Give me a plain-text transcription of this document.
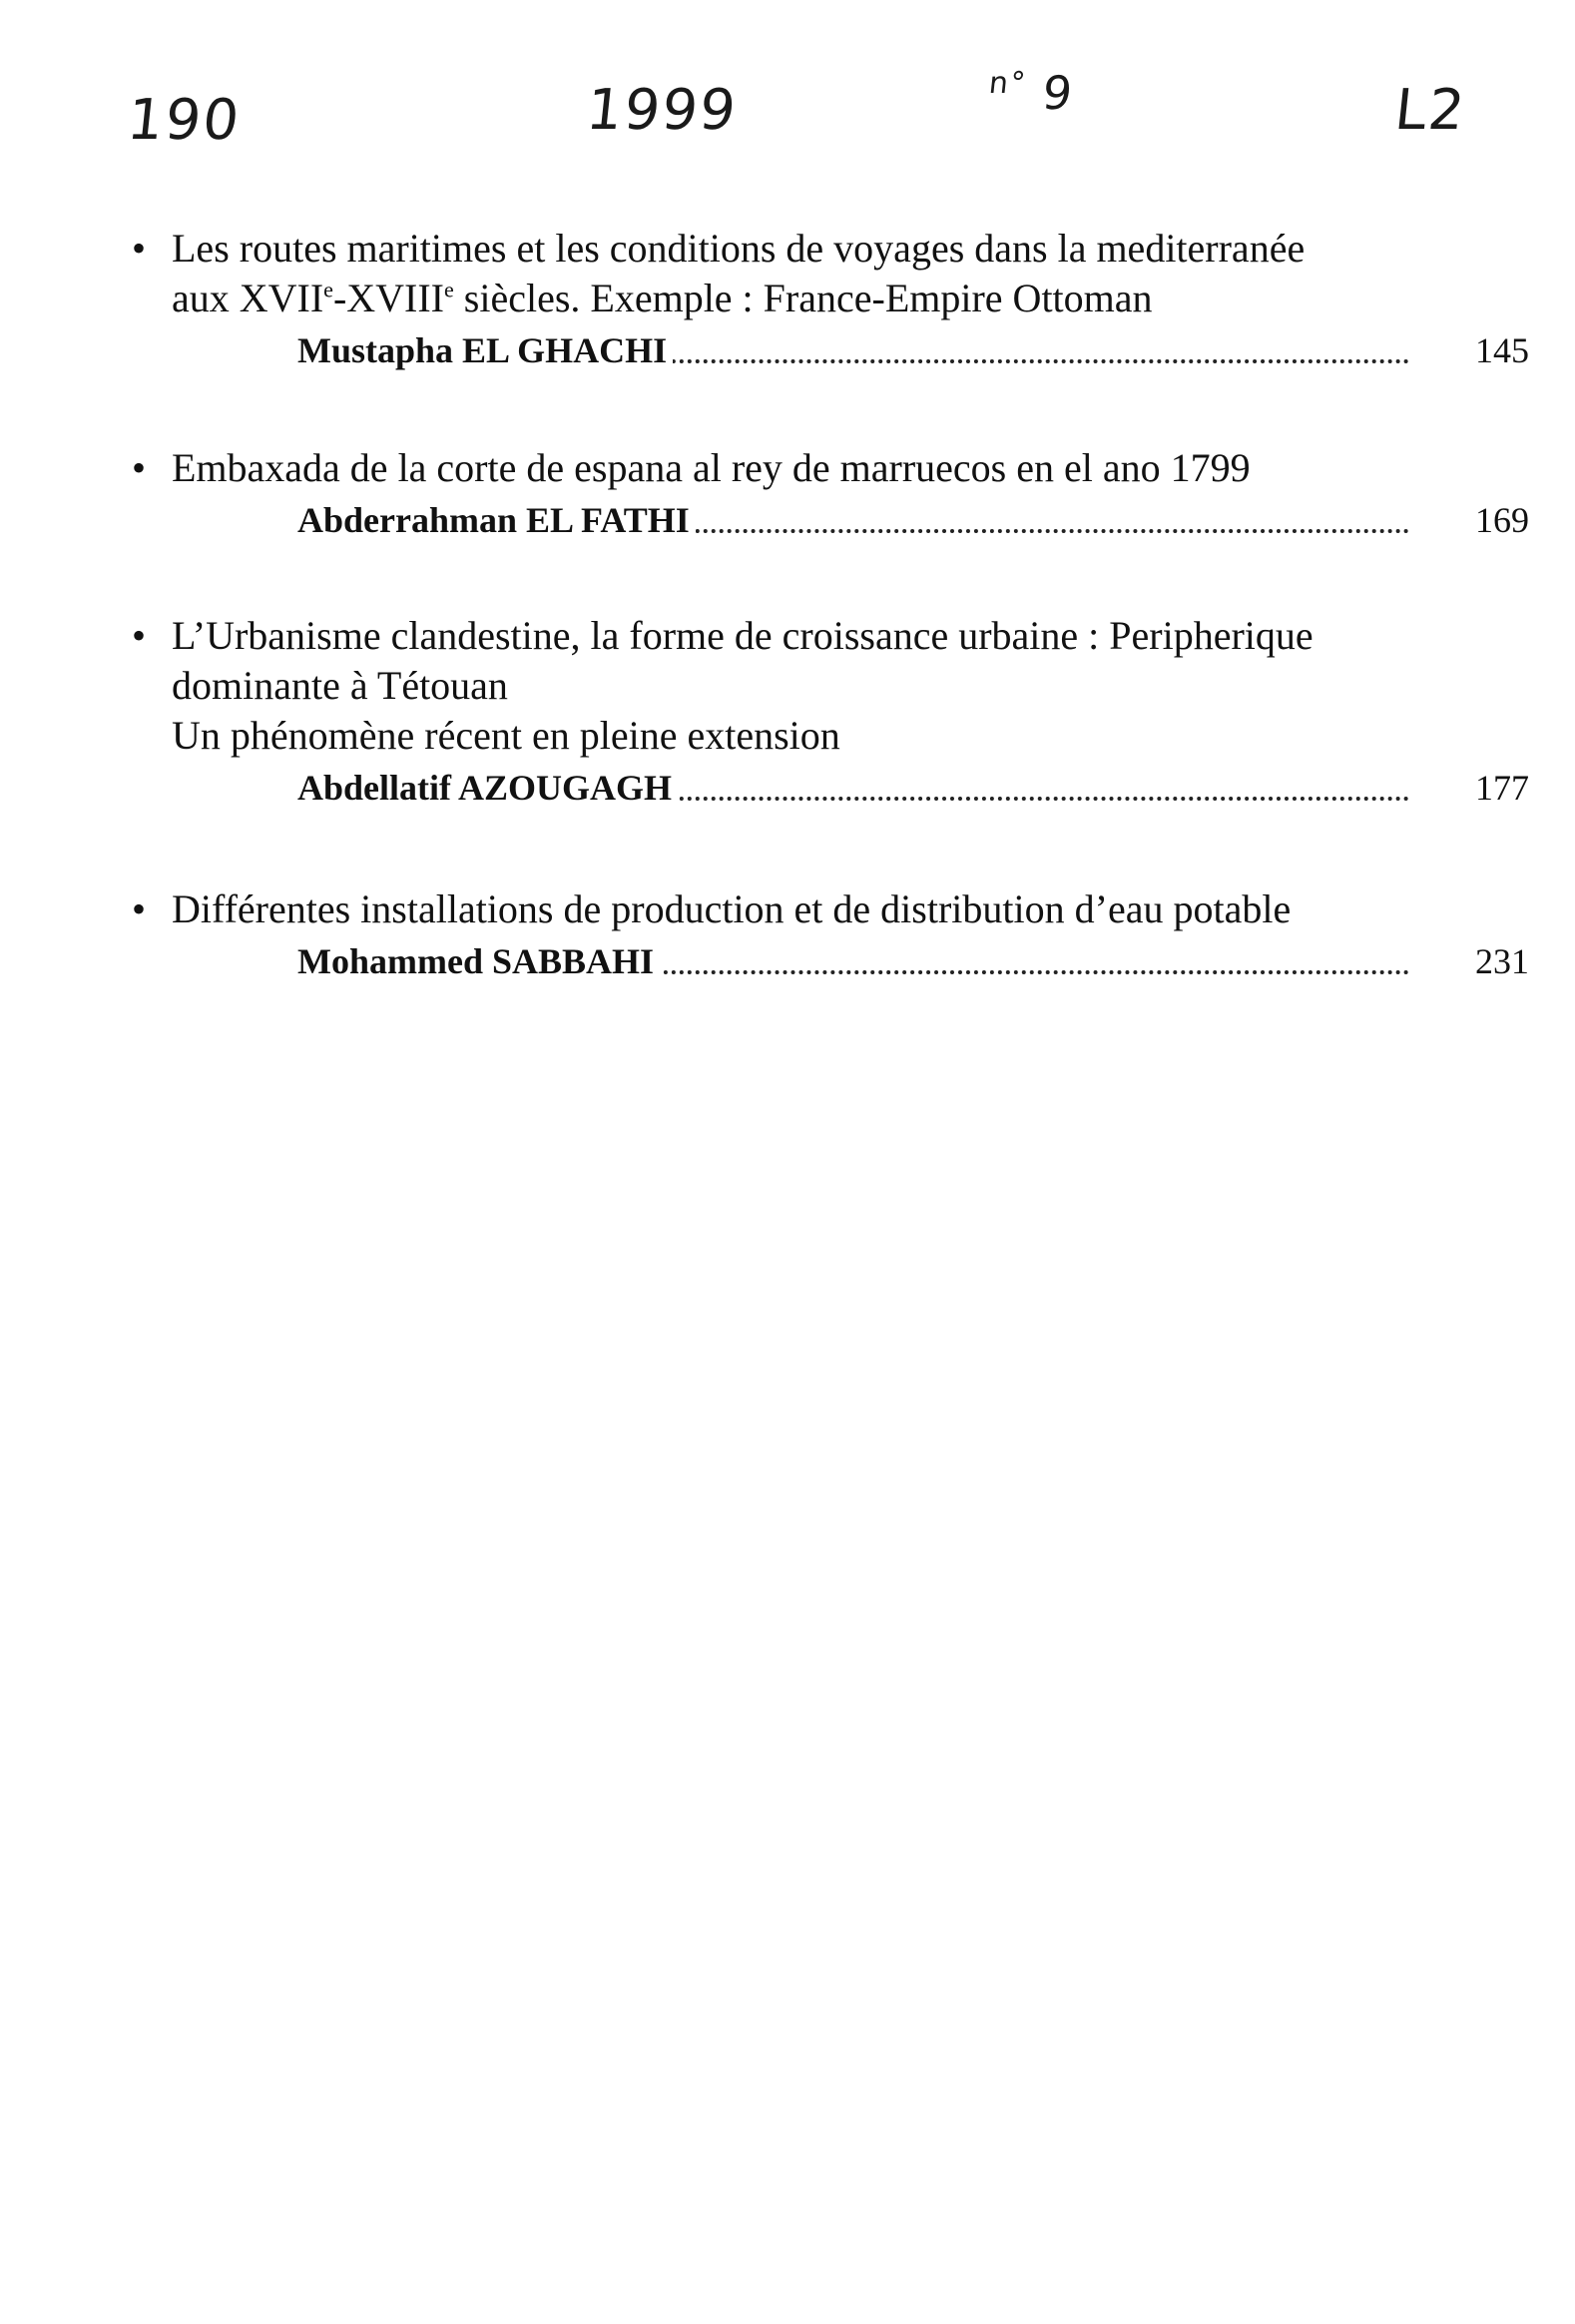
190	1999	$^{n^\circ}$ 9	L2
• Les routes maritimes et les conditions de voyages dans la mediterranée
aux XVIIe-XVIIIe siècles. Exemple : France-Empire Ottoman
Mustapha EL GHACHI	145
• Embaxada de la corte de espana al rey de marruecos en el ano 1799
Abderrahman EL FATHI	169
• L’Urbanisme clandestine, la forme de croissance urbaine : Peripherique
dominante à Tétouan
Un phénomène récent en pleine extension
Abdellatif AZOUGAGH	177
• Différentes installations de production et de distribution d’eau potable
Mohammed SABBAHI	231
